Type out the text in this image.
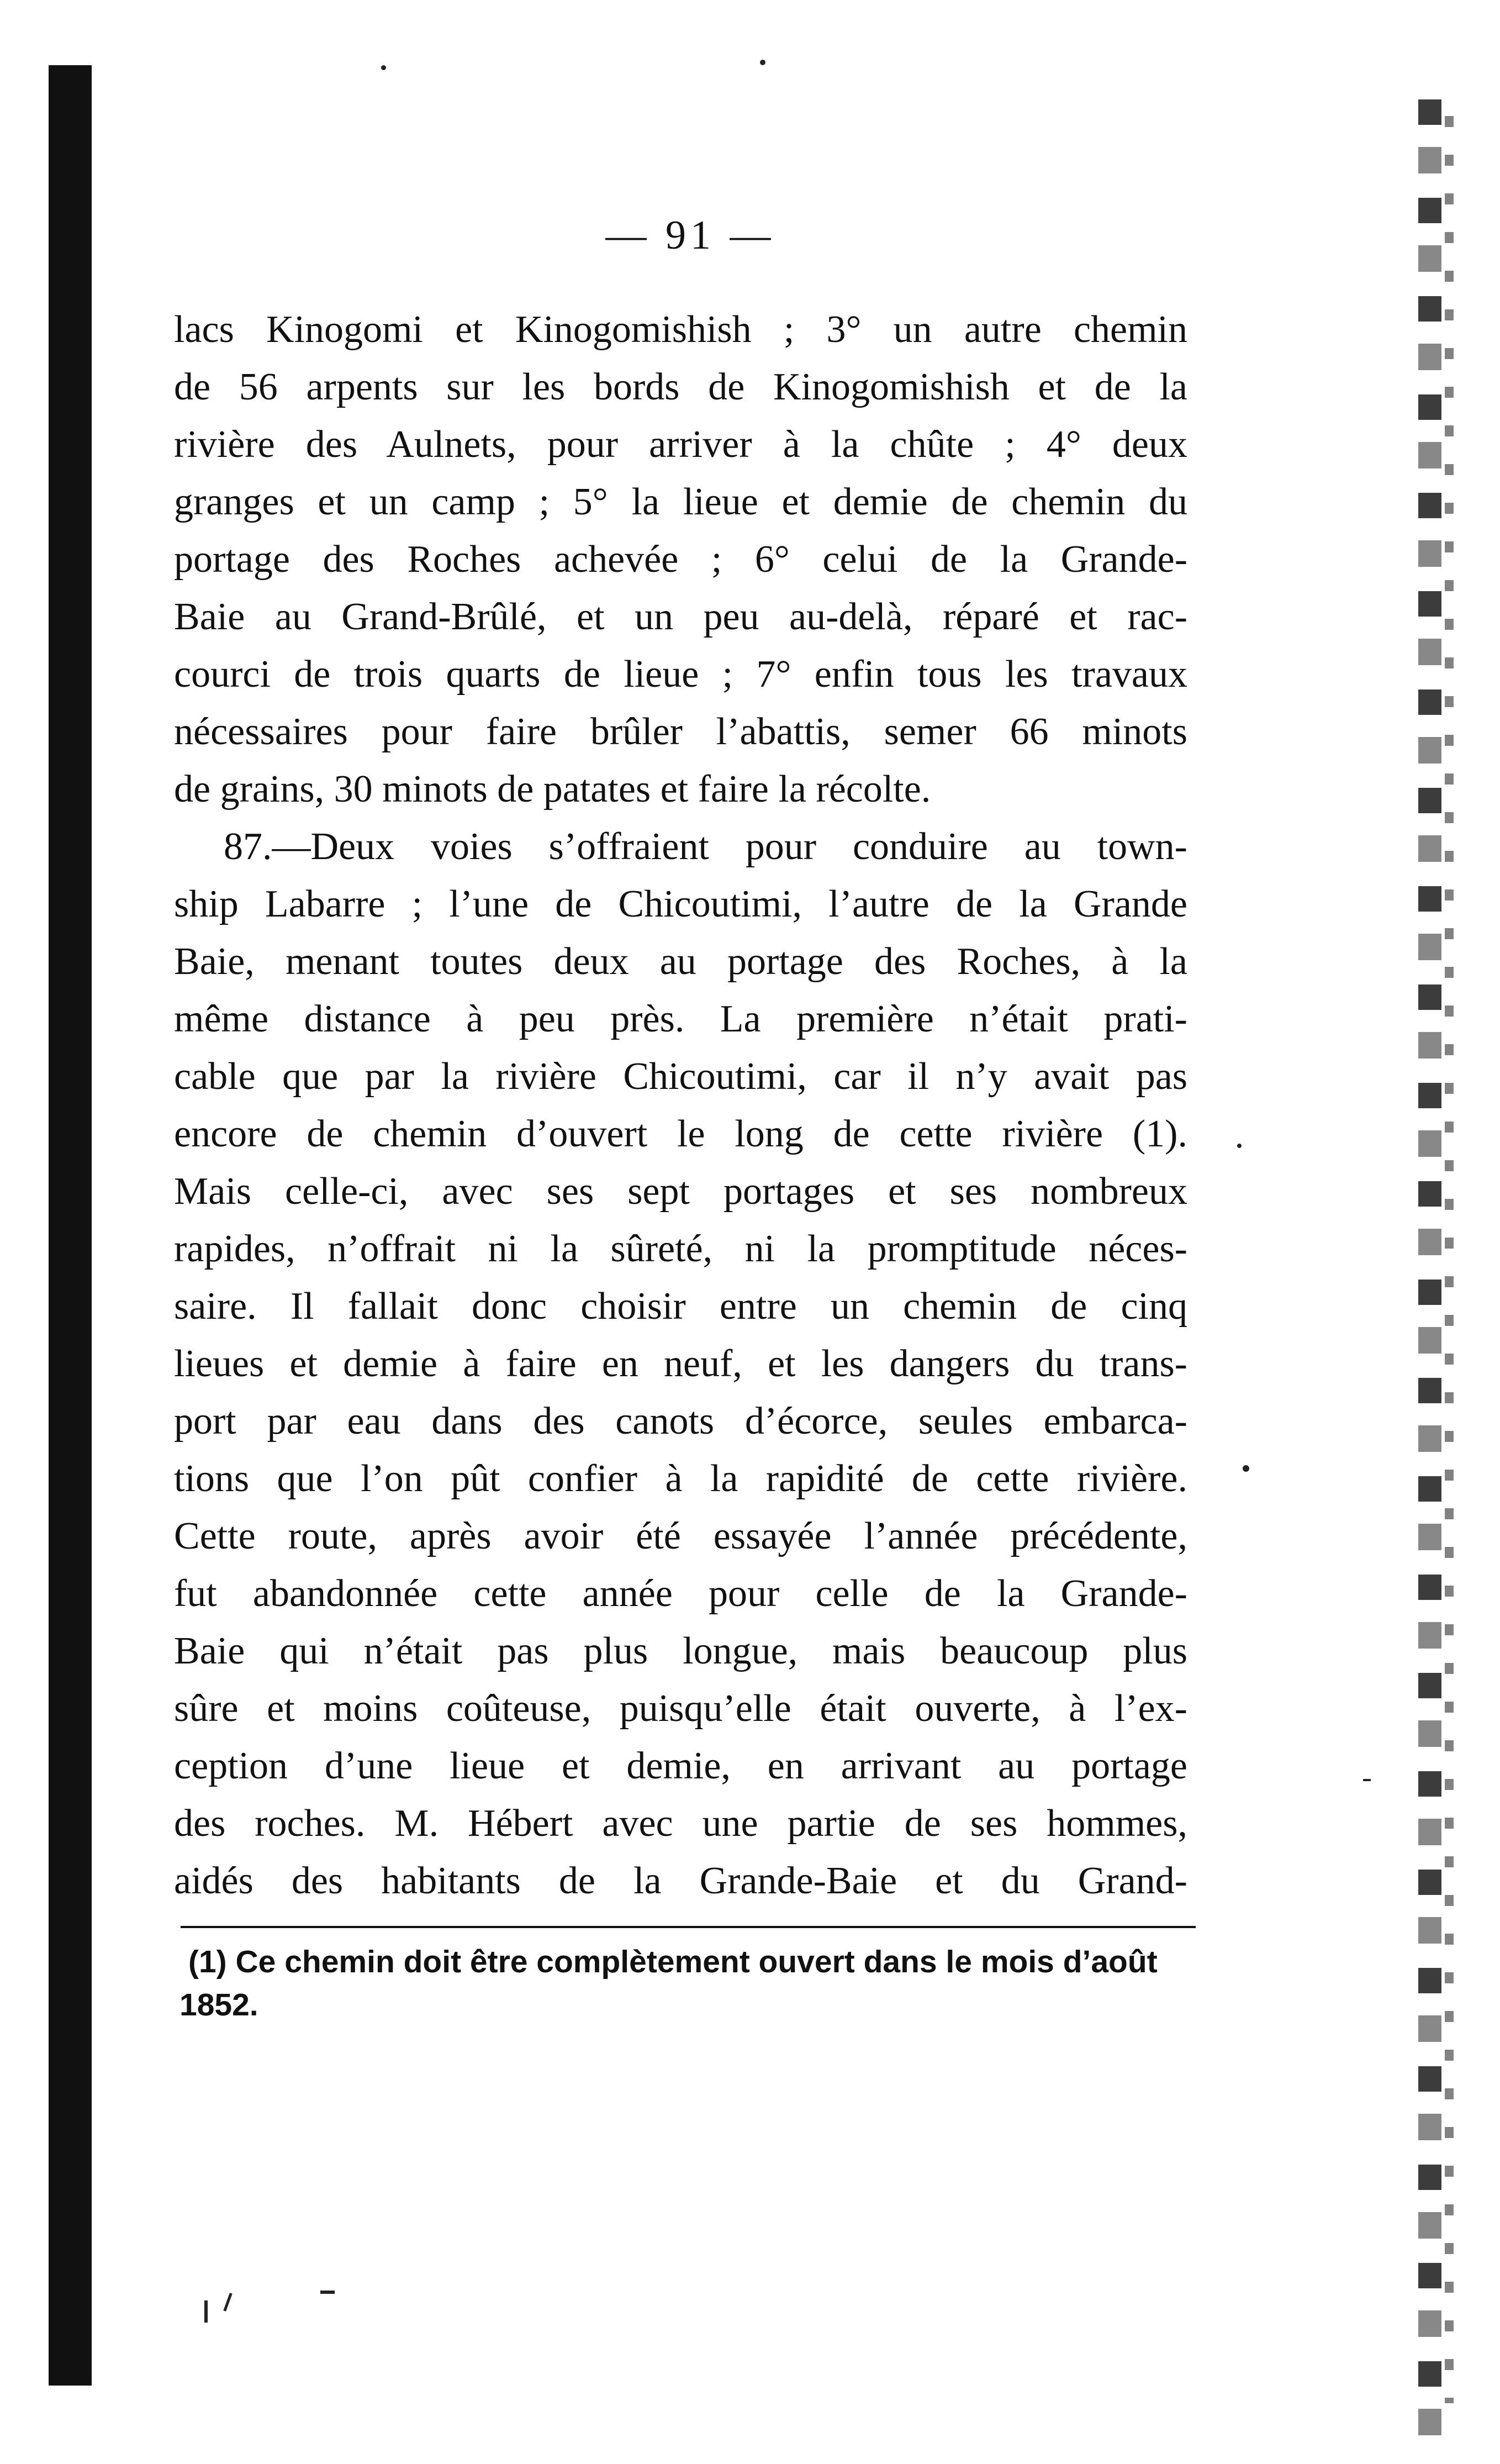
— 91 —
lacs Kinogomi et Kinogomishish ; 3° un autre chemin
de 56 arpents sur les bords de Kinogomishish et de la
rivière des Aulnets, pour arriver à la chûte ; 4° deux
granges et un camp ; 5° la lieue et demie de chemin du
portage des Roches achevée ; 6° celui de la Grande-
Baie au Grand-Brûlé, et un peu au-delà, réparé et rac-
courci de trois quarts de lieue ; 7° enfin tous les travaux
nécessaires pour faire brûler l’abattis, semer 66 minots
de grains, 30 minots de patates et faire la récolte.
87.—Deux voies s’offraient pour conduire au town-
ship Labarre ; l’une de Chicoutimi, l’autre de la Grande
Baie, menant toutes deux au portage des Roches, à la
même distance à peu près. La première n’était prati-
cable que par la rivière Chicoutimi, car il n’y avait pas
encore de chemin d’ouvert le long de cette rivière (1).
Mais celle-ci, avec ses sept portages et ses nombreux
rapides, n’offrait ni la sûreté, ni la promptitude néces-
saire. Il fallait donc choisir entre un chemin de cinq
lieues et demie à faire en neuf, et les dangers du trans-
port par eau dans des canots d’écorce, seules embarca-
tions que l’on pût confier à la rapidité de cette rivière.
Cette route, après avoir été essayée l’année précédente,
fut abandonnée cette année pour celle de la Grande-
Baie qui n’était pas plus longue, mais beaucoup plus
sûre et moins coûteuse, puisqu’elle était ouverte, à l’ex-
ception d’une lieue et demie, en arrivant au portage
des roches. M. Hébert avec une partie de ses hommes,
aidés des habitants de la Grande-Baie et du Grand-
(1) Ce chemin doit être complètement ouvert dans le mois d’août
1852.
